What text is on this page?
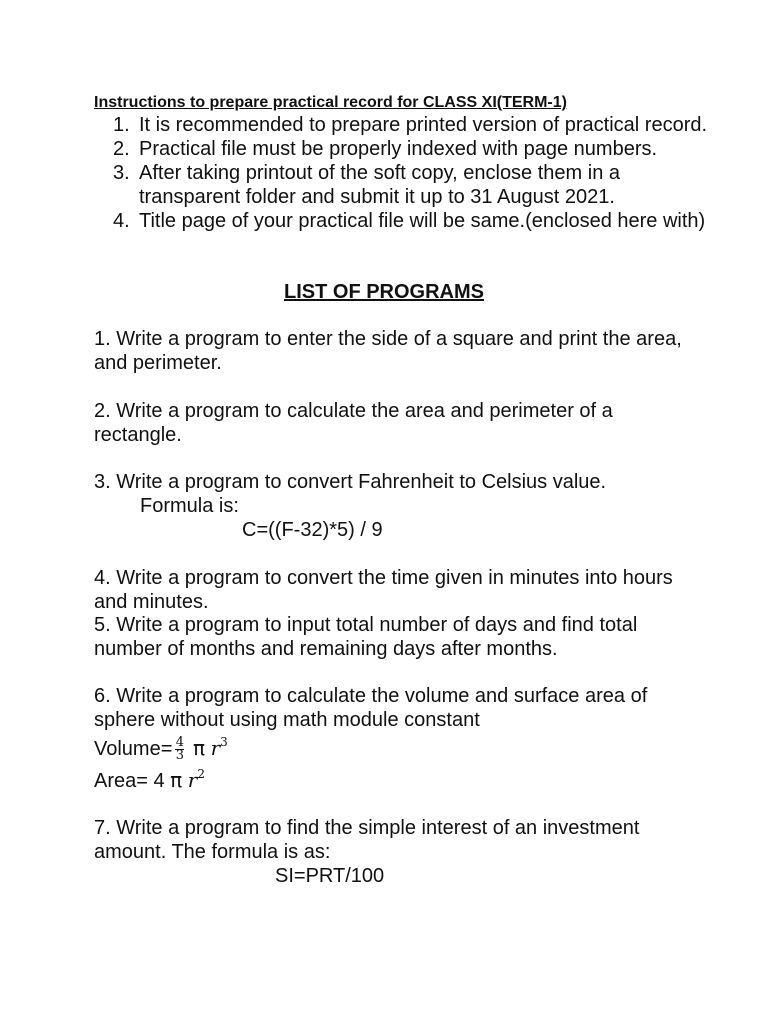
Instructions to prepare practical record for CLASS XI(TERM-1)
1. It is recommended to prepare printed version of practical record.
2. Practical file must be properly indexed with page numbers.
3. After taking printout of the soft copy, enclose them in a transparent folder and submit it up to 31 August 2021.
4. Title page of your practical file will be same.(enclosed here with)
LIST OF PROGRAMS
1. Write a program to enter the side of a square and print the area, and perimeter.
2. Write a program to calculate the area and perimeter of a rectangle.
3. Write a program to convert Fahrenheit to Celsius value.
Formula is:
C=((F-32)*5) / 9
4. Write a program to convert the time given in minutes into hours and minutes.
5. Write a program to input total number of days and find total number of months and remaining days after months.
6. Write a program to calculate the volume and surface area of sphere without using math module constant
Volume= $\frac{4}{3}$ π $r^3$
Area= 4 π $r^2$
7. Write a program to find the simple interest of an investment amount. The formula is as:
SI=PRT/100
